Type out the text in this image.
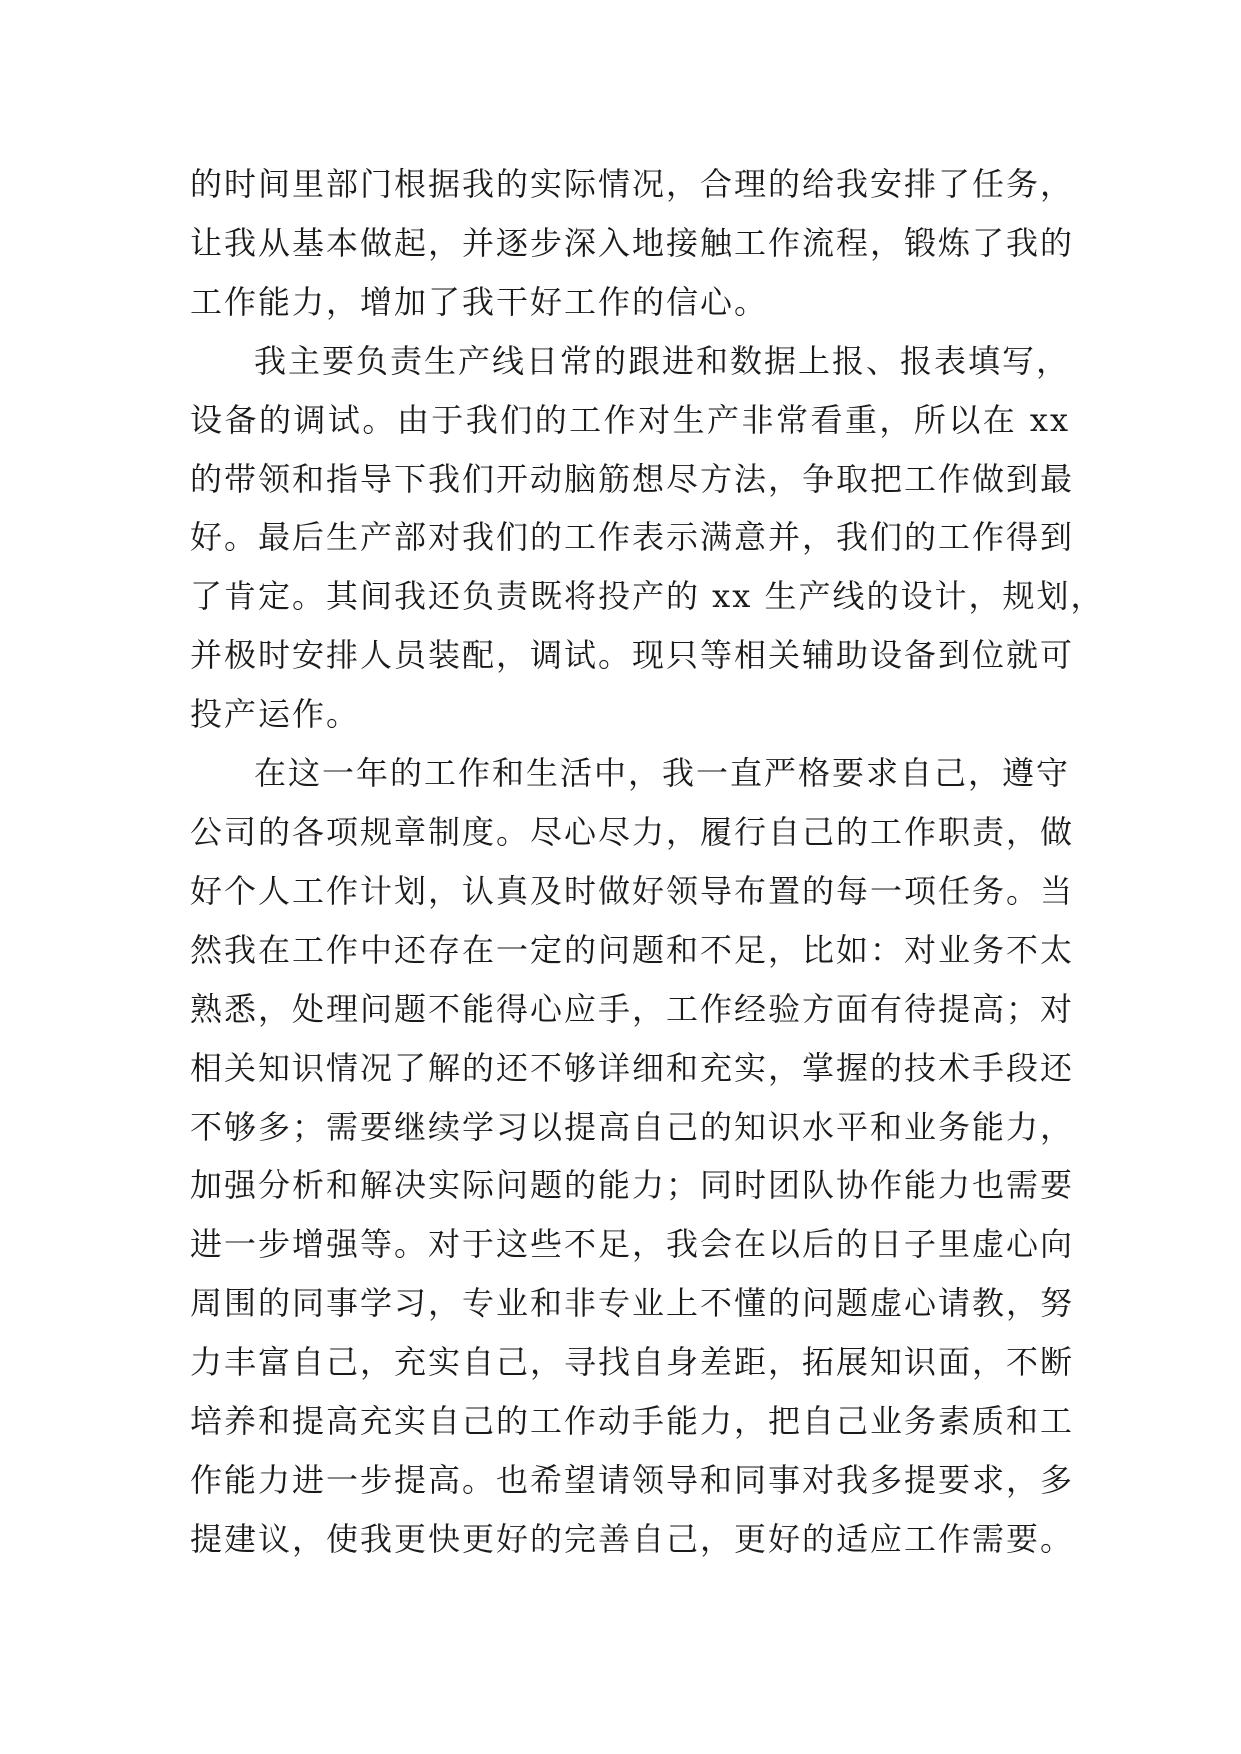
的时间里部门根据我的实际情况，合理的给我安排了任务，
让我从基本做起，并逐步深入地接触工作流程，锻炼了我的
工作能力，增加了我干好工作的信心。
我主要负责生产线日常的跟进和数据上报、报表填写，
设备的调试。由于我们的工作对生产非常看重，所以在 xx
的带领和指导下我们开动脑筋想尽方法，争取把工作做到最
好。最后生产部对我们的工作表示满意并，我们的工作得到
了肯定。其间我还负责既将投产的 xx 生产线的设计，规划，
并极时安排人员装配，调试。现只等相关辅助设备到位就可
投产运作。
在这一年的工作和生活中，我一直严格要求自己，遵守
公司的各项规章制度。尽心尽力，履行自己的工作职责，做
好个人工作计划，认真及时做好领导布置的每一项任务。当
然我在工作中还存在一定的问题和不足，比如：对业务不太
熟悉，处理问题不能得心应手，工作经验方面有待提高；对
相关知识情况了解的还不够详细和充实，掌握的技术手段还
不够多；需要继续学习以提高自己的知识水平和业务能力，
加强分析和解决实际问题的能力；同时团队协作能力也需要
进一步增强等。对于这些不足，我会在以后的日子里虚心向
周围的同事学习，专业和非专业上不懂的问题虚心请教，努
力丰富自己，充实自己，寻找自身差距，拓展知识面，不断
培养和提高充实自己的工作动手能力，把自己业务素质和工
作能力进一步提高。也希望请领导和同事对我多提要求，多
提建议，使我更快更好的完善自己，更好的适应工作需要。
